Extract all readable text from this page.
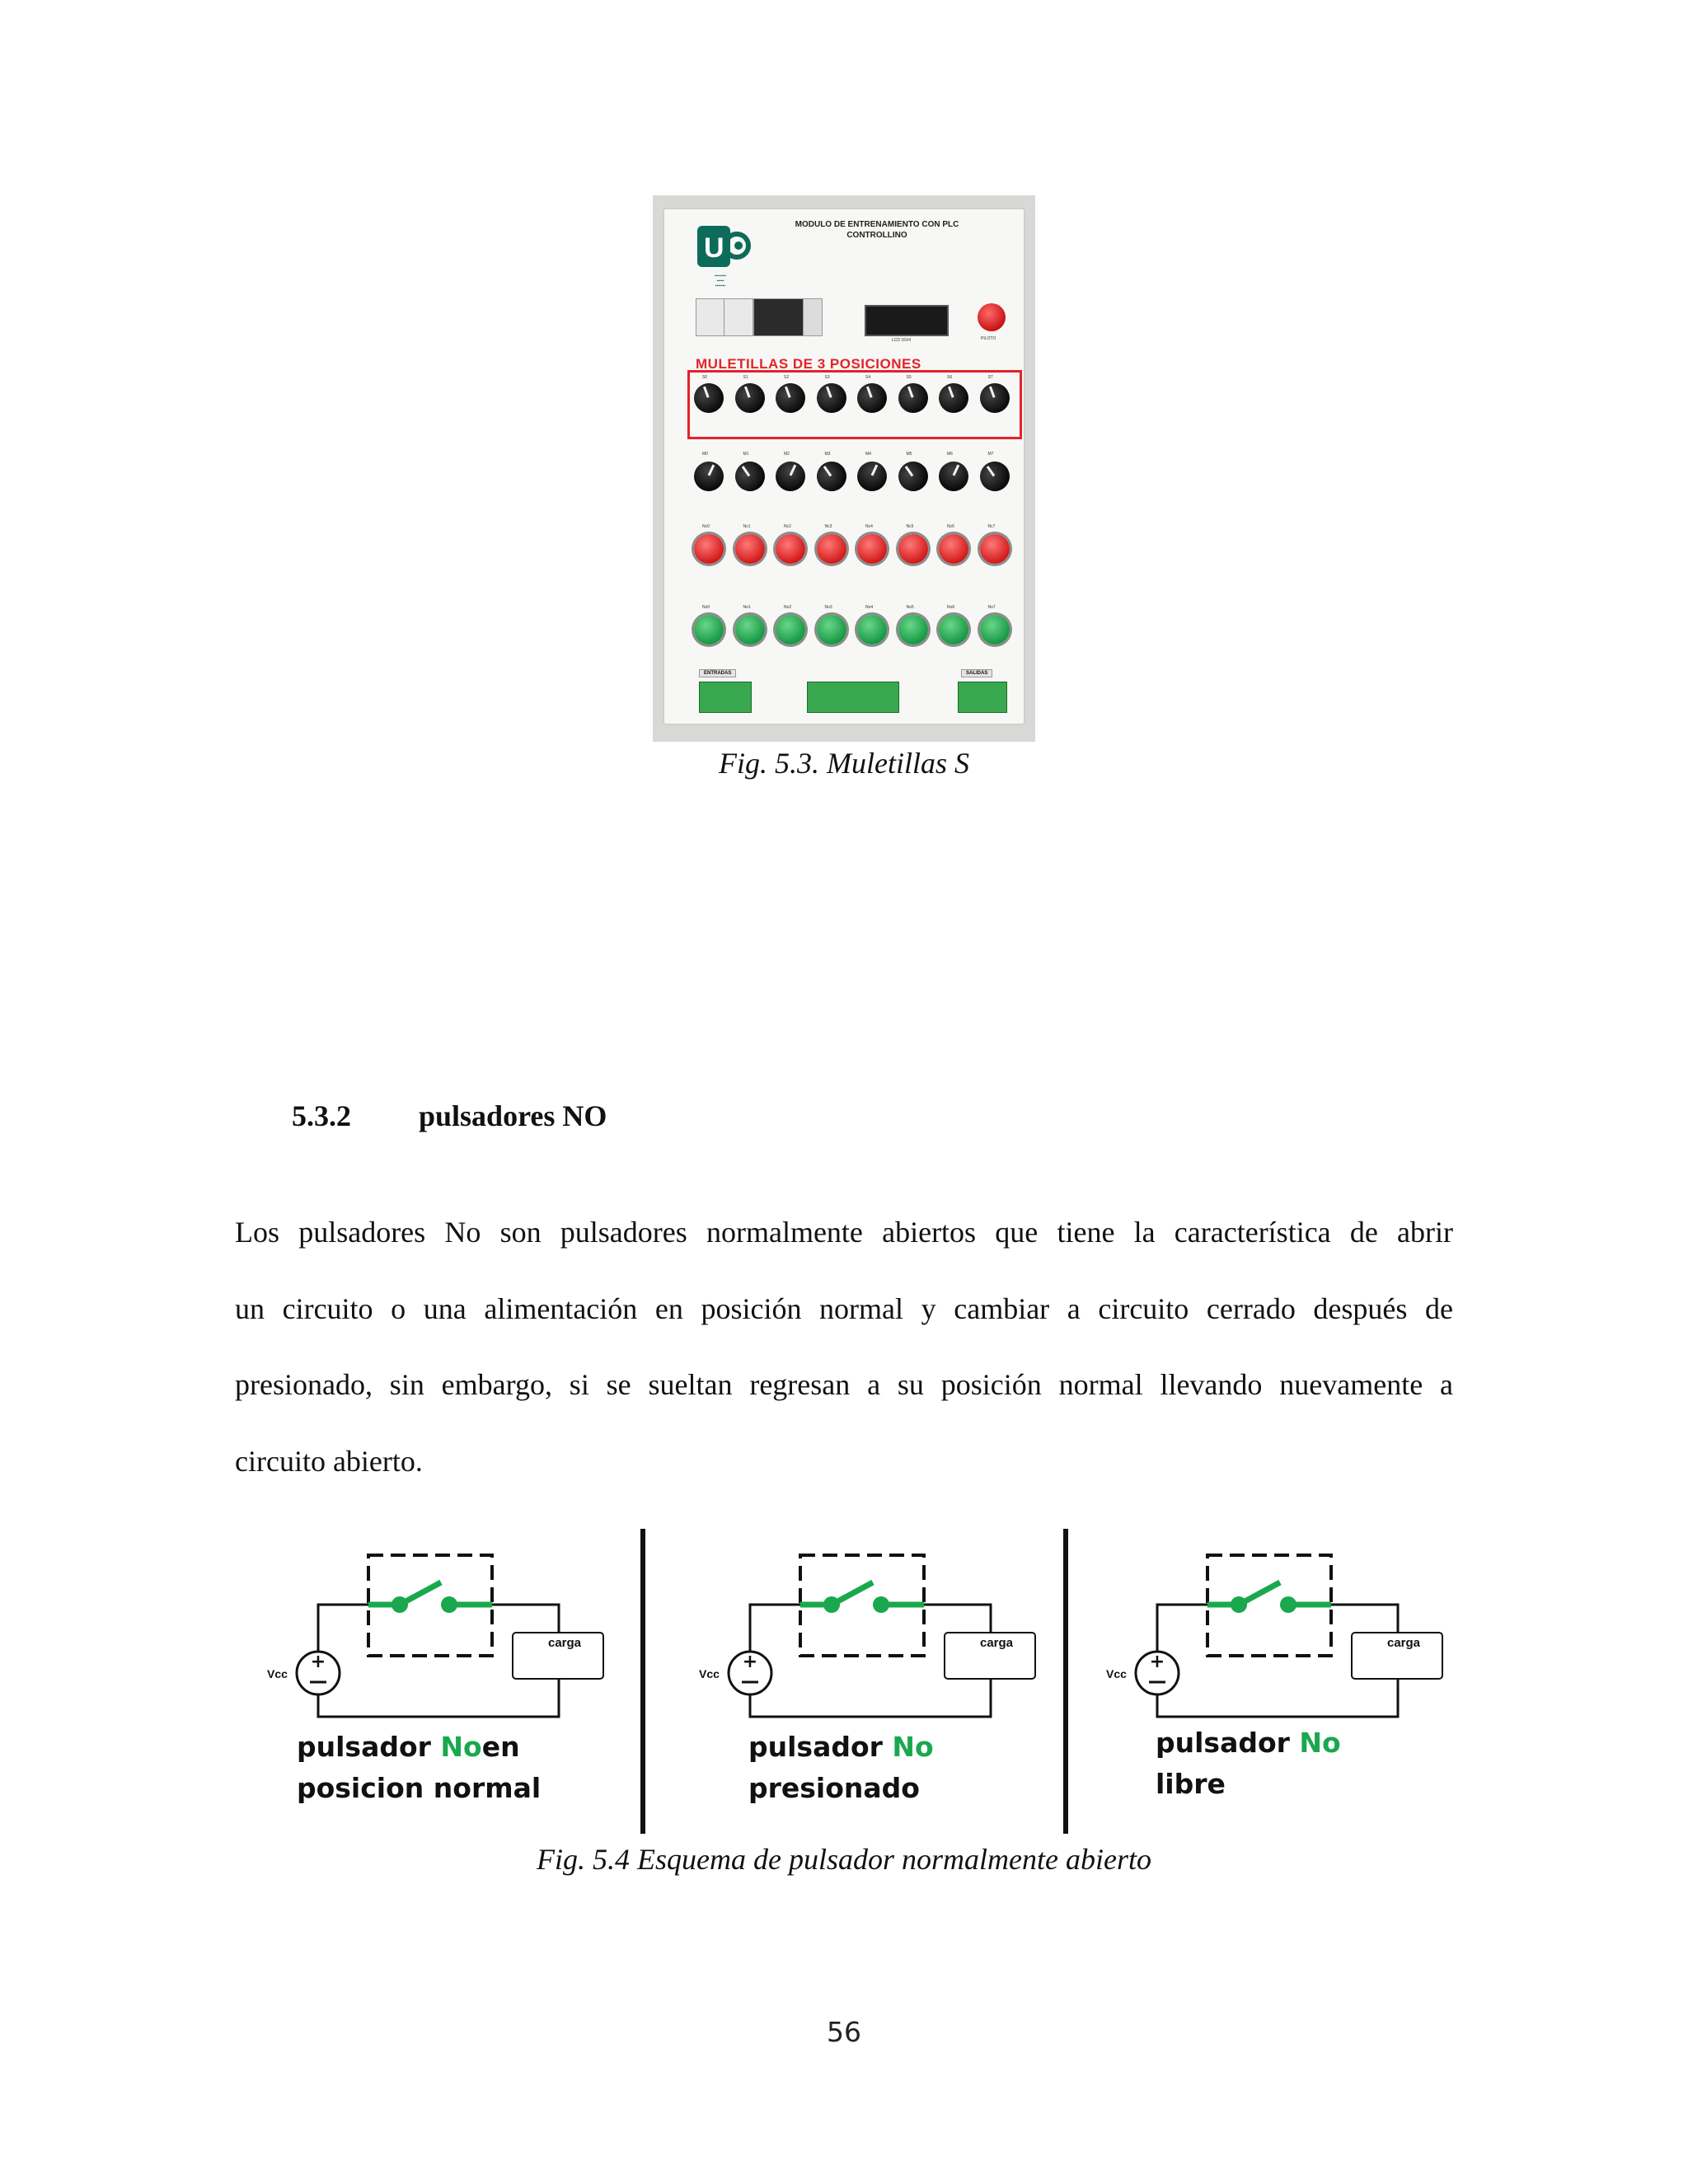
U
▪▪▪▪▪▪▪▪
▪▪▪▪▪
▪▪▪▪▪▪▪
MODULO DE ENTRENAMIENTO CON PLC CONTROLLINO
LCD 16X4	PILOTO
MULETILLAS DE 3 POSICIONES
ENTRADAS	SALIDAS
S0	S1	S2	S3	S4	S5	S6	S7
M0	M1	M2	M3	M4	M5	M6	M7
Nc0	Nc1	Nc2	Nc3	Nc4	Nc5	Nc6	Nc7
No0	No1	No2	No3	No4	No5	No6	No7
Fig. 5.3. Muletillas S
5.3.2 pulsadores NO

Los pulsadores No son pulsadores normalmente abiertos que tiene la característica de abrir

un circuito o una alimentación en posición normal y cambiar a circuito cerrado después de

presionado, sin embargo, si se sueltan regresan a su posición normal llevando nuevamente a

circuito abierto.

+
Vcc
carga
pulsador Noen
posicion normal
+
Vcc
carga
pulsador No
presionado
+
Vcc
carga
pulsador No
libre
Fig. 5.4 Esquema de pulsador normalmente abierto
56
